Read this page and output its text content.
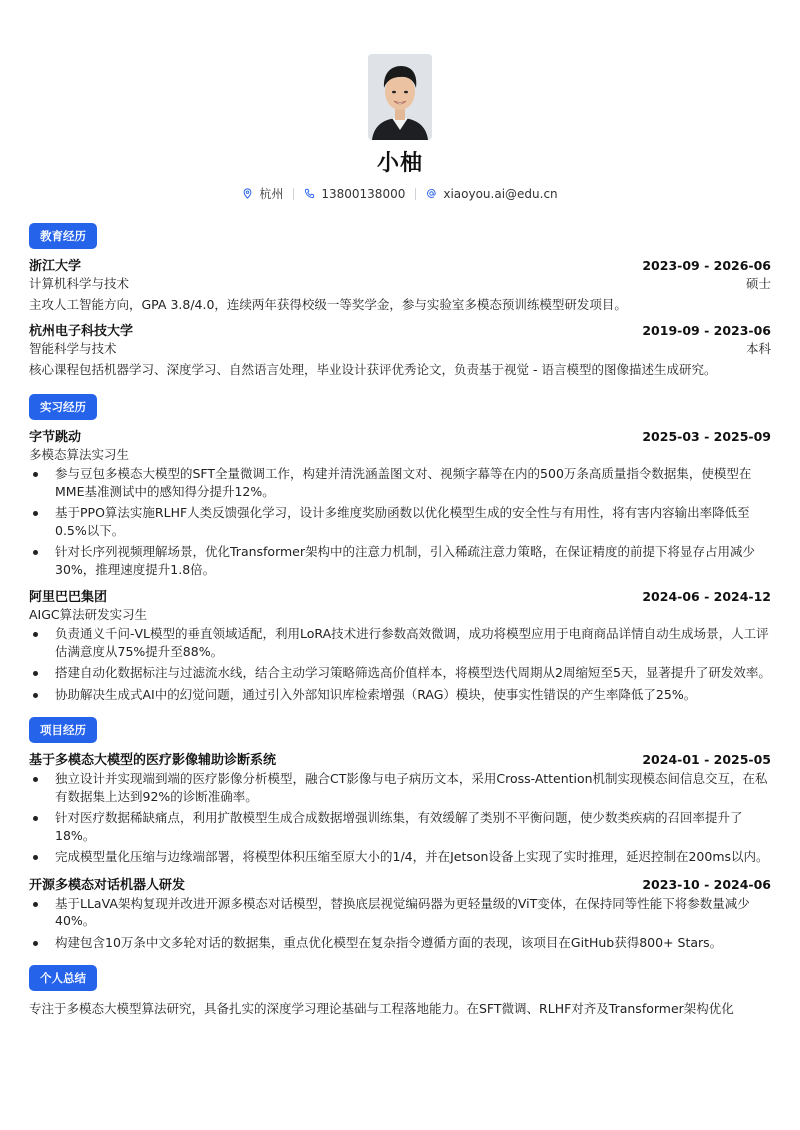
小柚
杭州	13800138000	xiaoyou.ai@edu.cn
教育经历
浙江大学	2023-09 - 2026-06
计算机科学与技术	硕士
主攻人工智能方向，GPA 3.8/4.0，连续两年获得校级一等奖学金，参与实验室多模态预训练模型研发项目。
杭州电子科技大学	2019-09 - 2023-06
智能科学与技术	本科
核心课程包括机器学习、深度学习、自然语言处理，毕业设计获评优秀论文，负责基于视觉 - 语言模型的图像描述生成研究。
实习经历
字节跳动	2025-03 - 2025-09
多模态算法实习生
参与豆包多模态大模型的SFT全量微调工作，构建并清洗涵盖图文对、视频字幕等在内的500万条高质量指令数据集，使模型在MME基准测试中的感知得分提升12%。
基于PPO算法实施RLHF人类反馈强化学习，设计多维度奖励函数以优化模型生成的安全性与有用性，将有害内容输出率降低至0.5%以下。
针对长序列视频理解场景，优化Transformer架构中的注意力机制，引入稀疏注意力策略，在保证精度的前提下将显存占用减少30%，推理速度提升1.8倍。
阿里巴巴集团	2024-06 - 2024-12
AIGC算法研发实习生
负责通义千问-VL模型的垂直领域适配，利用LoRA技术进行参数高效微调，成功将模型应用于电商商品详情自动生成场景，人工评估满意度从75%提升至88%。
搭建自动化数据标注与过滤流水线，结合主动学习策略筛选高价值样本，将模型迭代周期从2周缩短至5天，显著提升了研发效率。
协助解决生成式AI中的幻觉问题，通过引入外部知识库检索增强（RAG）模块，使事实性错误的产生率降低了25%。
项目经历
基于多模态大模型的医疗影像辅助诊断系统	2024-01 - 2025-05
独立设计并实现端到端的医疗影像分析模型，融合CT影像与电子病历文本，采用Cross-Attention机制实现模态间信息交互，在私有数据集上达到92%的诊断准确率。
针对医疗数据稀缺痛点，利用扩散模型生成合成数据增强训练集，有效缓解了类别不平衡问题，使少数类疾病的召回率提升了18%。
完成模型量化压缩与边缘端部署，将模型体积压缩至原大小的1/4，并在Jetson设备上实现了实时推理，延迟控制在200ms以内。
开源多模态对话机器人研发	2023-10 - 2024-06
基于LLaVA架构复现并改进开源多模态对话模型，替换底层视觉编码器为更轻量级的ViT变体，在保持同等性能下将参数量减少40%。
构建包含10万条中文多轮对话的数据集，重点优化模型在复杂指令遵循方面的表现，该项目在GitHub获得800+ Stars。
个人总结
专注于多模态大模型算法研究，具备扎实的深度学习理论基础与工程落地能力。在SFT微调、RLHF对齐及Transformer架构优化
